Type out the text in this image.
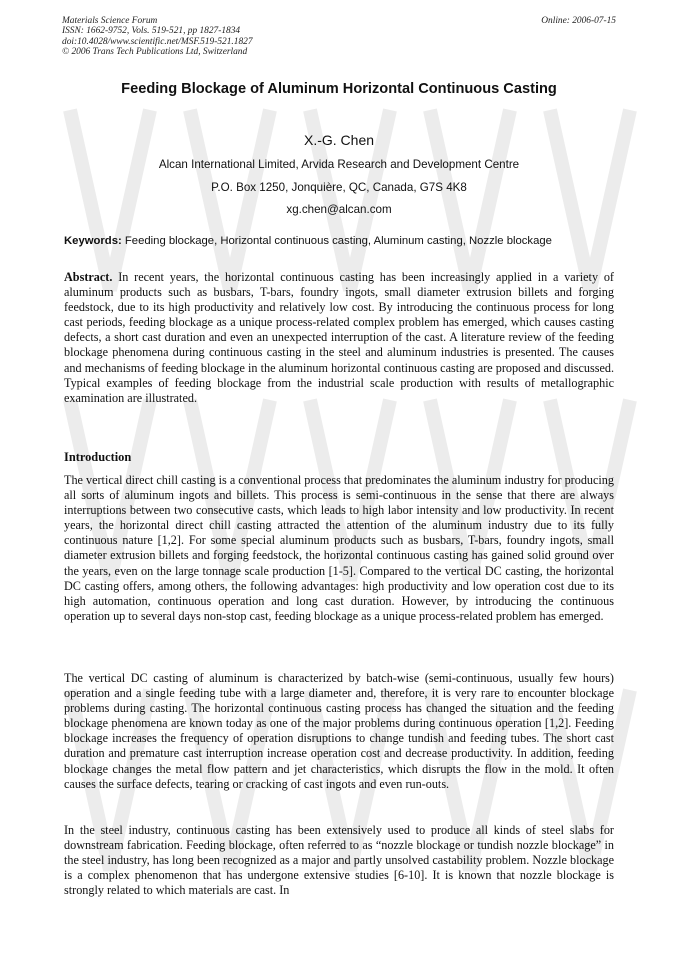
Materials Science Forum
ISSN: 1662-9752, Vols. 519-521, pp 1827-1834
doi:10.4028/www.scientific.net/MSF.519-521.1827
© 2006 Trans Tech Publications Ltd, Switzerland
Online: 2006-07-15
Feeding Blockage of Aluminum Horizontal Continuous Casting
X.-G. Chen
Alcan International Limited, Arvida Research and Development Centre
P.O. Box 1250, Jonquière, QC, Canada, G7S 4K8
xg.chen@alcan.com
Keywords: Feeding blockage, Horizontal continuous casting, Aluminum casting, Nozzle blockage

Abstract. In recent years, the horizontal continuous casting has been increasingly applied in a variety of aluminum products such as busbars, T-bars, foundry ingots, small diameter extrusion billets and forging feedstock, due to its high productivity and relatively low cost. By introducing the continuous process for long cast periods, feeding blockage as a unique process-related complex problem has emerged, which causes casting defects, a short cast duration and even an unexpected interruption of the cast. A literature review of the feeding blockage phenomena during continuous casting in the steel and aluminum industries is presented. The causes and mechanisms of feeding blockage in the aluminum horizontal continuous casting are proposed and discussed. Typical examples of feeding blockage from the industrial scale production with results of metallographic examination are illustrated.

Introduction

The vertical direct chill casting is a conventional process that predominates the aluminum industry for producing all sorts of aluminum ingots and billets. This process is semi-continuous in the sense that there are always interruptions between two consecutive casts, which leads to high labor intensity and low productivity. In recent years, the horizontal direct chill casting attracted the attention of the aluminum industry due to its fully continuous nature [1,2]. For some special aluminum products such as busbars, T-bars, foundry ingots, small diameter extrusion billets and forging feedstock, the horizontal continuous casting has gained solid ground over the years, even on the large tonnage scale production [1-5]. Compared to the vertical DC casting, the horizontal DC casting offers, among others, the following advantages: high productivity and low operation cost due to its high automation, continuous operation and long cast duration. However, by introducing the continuous operation up to several days non-stop cast, feeding blockage as a unique process-related problem has emerged.

The vertical DC casting of aluminum is characterized by batch-wise (semi-continuous, usually few hours) operation and a single feeding tube with a large diameter and, therefore, it is very rare to encounter blockage problems during casting. The horizontal continuous casting process has changed the situation and the feeding blockage phenomena are known today as one of the major problems during continuous operation [1,2]. Feeding blockage increases the frequency of operation disruptions to change tundish and feeding tubes. The short cast duration and premature cast interruption increase operation cost and decrease productivity. In addition, feeding blockage changes the metal flow pattern and jet characteristics, which disrupts the flow in the mold. It often causes the surface defects, tearing or cracking of cast ingots and even run-outs.

In the steel industry, continuous casting has been extensively used to produce all kinds of steel slabs for downstream fabrication. Feeding blockage, often referred to as “nozzle blockage or tundish nozzle blockage” in the steel industry, has long been recognized as a major and partly unsolved castability problem. Nozzle blockage is a complex phenomenon that has undergone extensive studies [6-10]. It is known that nozzle blockage is strongly related to which materials are cast. In
